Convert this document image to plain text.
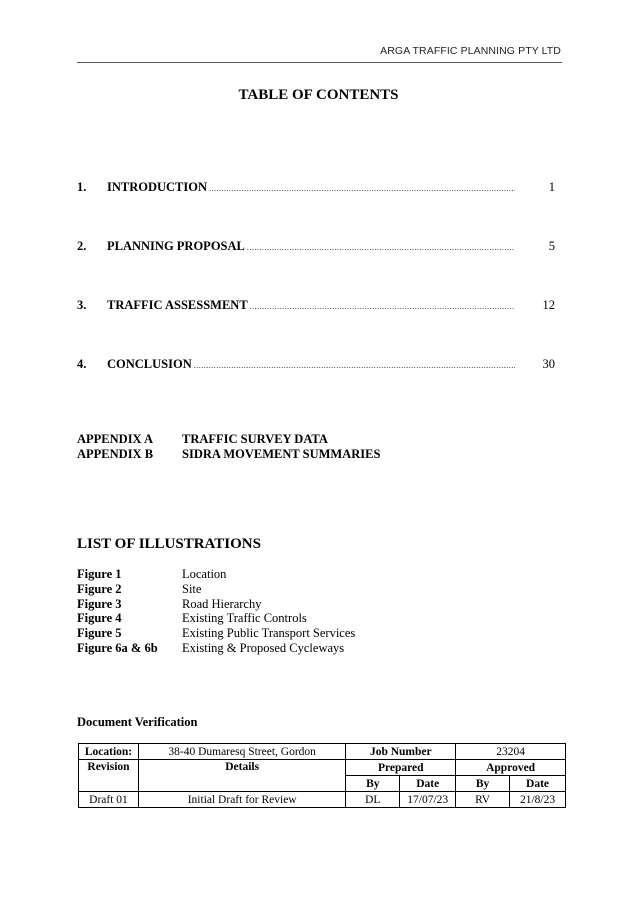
ARGA TRAFFIC PLANNING PTY LTD
TABLE OF CONTENTS
1.	INTRODUCTION .....	1
2.	PLANNING PROPOSAL .....	5
3.	TRAFFIC ASSESSMENT .....	12
4.	CONCLUSION .....	30
APPENDIX A	TRAFFIC SURVEY DATA
APPENDIX B	SIDRA MOVEMENT SUMMARIES
LIST OF ILLUSTRATIONS
Figure 1	Location
Figure 2	Site
Figure 3	Road Hierarchy
Figure 4	Existing Traffic Controls
Figure 5	Existing Public Transport Services
Figure 6a & 6b	Existing & Proposed Cycleways
Document Verification
Location:	38-40 Dumaresq Street, Gordon	Job Number		23204	
Revision	Details	Prepared		Approved	
		By	Date	By	Date
Draft 01	Initial Draft for Review	DL	17/07/23	RV	21/8/23
